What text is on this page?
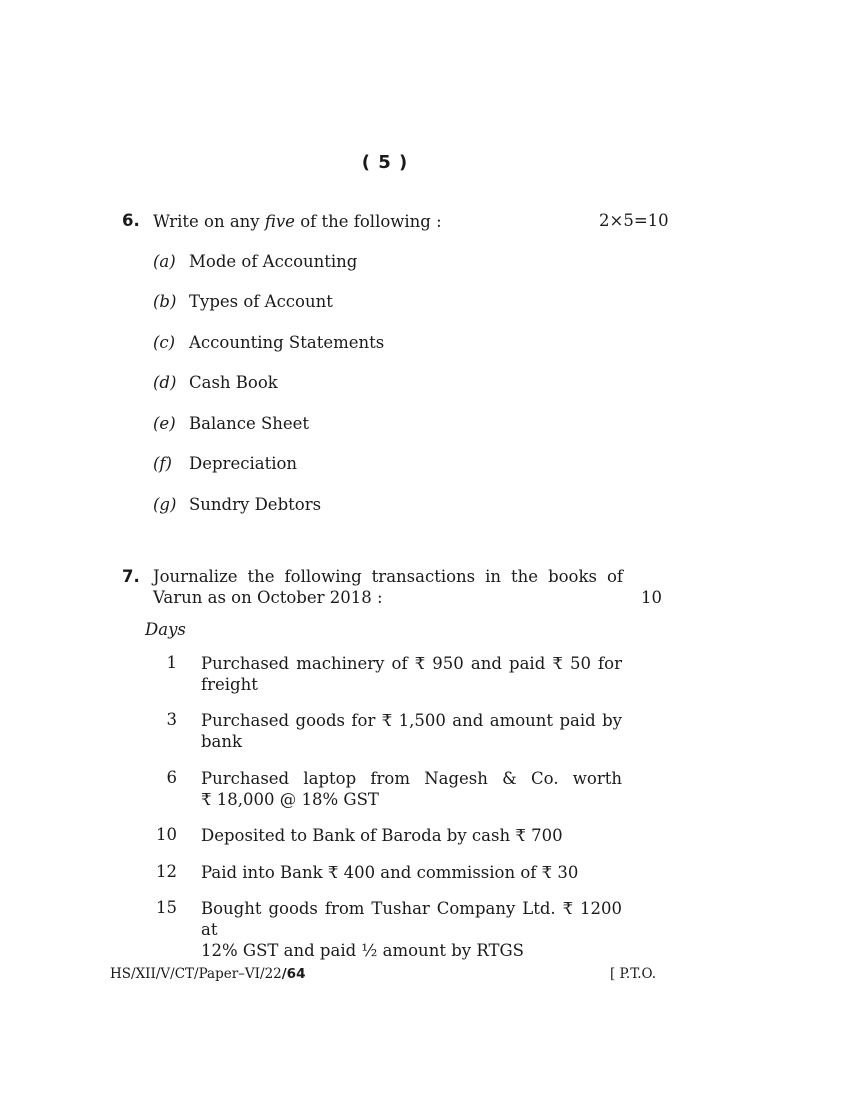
( 5 )
6. Write on any five of the following :	2×5=10
(a) Mode of Accounting
(b) Types of Account
(c) Accounting Statements
(d) Cash Book
(e) Balance Sheet
(f) Depreciation
(g) Sundry Debtors
7. Journalize the following transactions in the books of
Varun as on October 2018 :	10
Days
1 Purchased machinery of ₹ 950 and paid ₹ 50 for
freight
3 Purchased goods for ₹ 1,500 and amount paid by
bank
6 Purchased laptop from Nagesh & Co. worth
₹ 18,000 @ 18% GST
10 Deposited to Bank of Baroda by cash ₹ 700
12 Paid into Bank ₹ 400 and commission of ₹ 30
15 Bought goods from Tushar Company Ltd. ₹ 1200 at
12% GST and paid ½ amount by RTGS
HS/XII/V/CT/Paper–VI/22/64	[ P.T.O.
